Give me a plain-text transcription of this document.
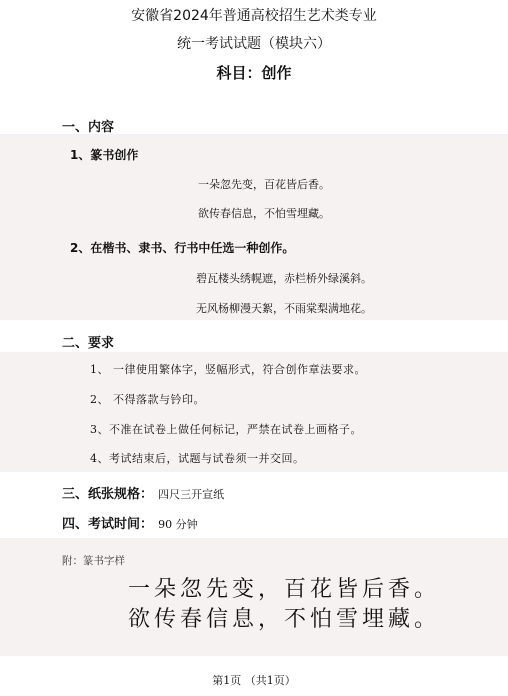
安徽省2024年普通高校招生艺术类专业
统一考试试题（模块六）
科目：创作
一、内容
1、篆书创作
一朵忽先变，百花皆后香。
欲传春信息，不怕雪埋藏。
2、在楷书、隶书、行书中任选一种创作。
碧瓦楼头绣幌遮，赤栏桥外绿溪斜。
无风杨柳漫天絮，不雨棠梨满地花。
二、要求
1、 一律使用繁体字，竖幅形式，符合创作章法要求。
2、 不得落款与钤印。
3、不准在试卷上做任何标记，严禁在试卷上画格子。
4、考试结束后，试题与试卷须一并交回。
三、纸张规格： 四尺三开宣纸
四、考试时间： 90 分钟
附：篆书字样
一朵忽先变，百花皆后香。
欲传春信息，不怕雪埋藏。
第1页 （共1页）
